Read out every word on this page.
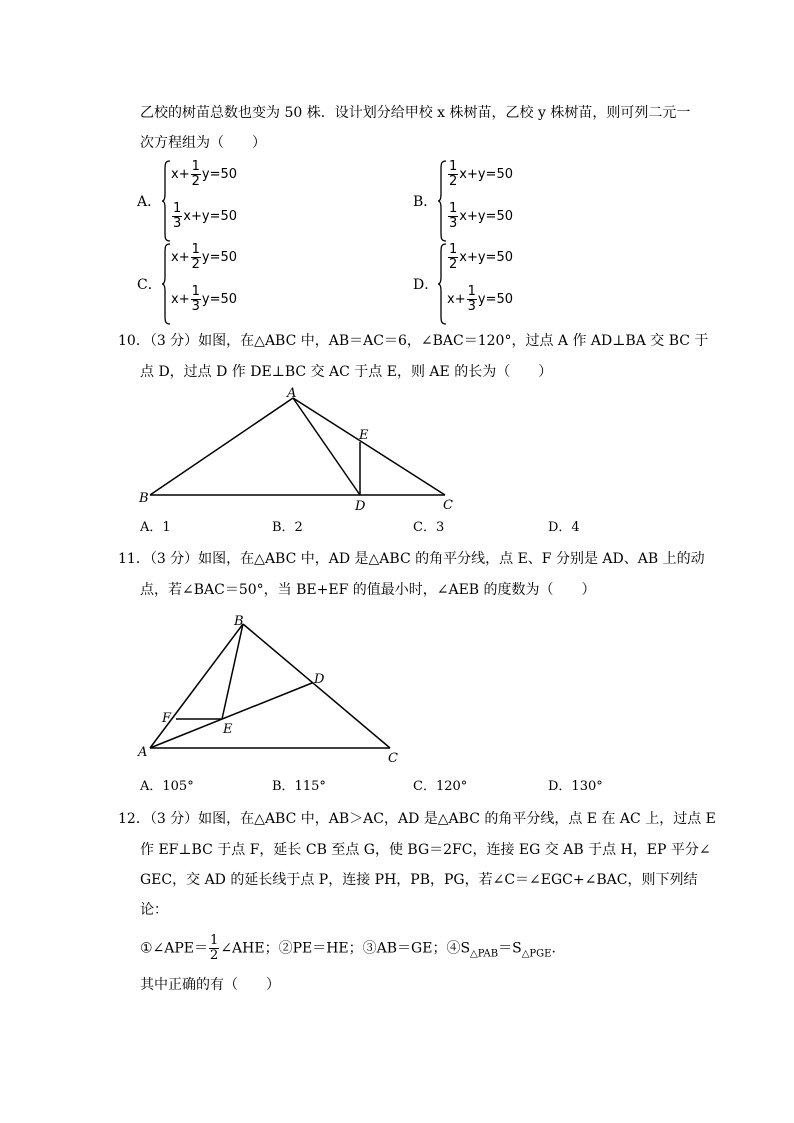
乙校的树苗总数也变为 50 株．设计划分给甲校 x 株树苗，乙校 y 株树苗，则可列二元一
次方程组为（　　）
A．
$x+ \frac{1}{2} y=50$
$\frac{1}{3} x+y=50$
B．
$\frac{1}{2} x+y=50$
$\frac{1}{3} x+y=50$
C．
$x+ \frac{1}{2} y=50$
$x+ \frac{1}{3} y=50$
D．
$\frac{1}{2} x+y=50$
$x+ \frac{1}{3} y=50$
10．（3 分）如图，在△ABC 中，AB＝AC＝6，∠BAC＝120°，过点 A 作 AD⊥BA 交 BC 于
点 D，过点 D 作 DE⊥BC 交 AC 于点 E，则 AE 的长为（　　）
A
B	C
D
E
A．1	B．2	C．3	D．4
11．（3 分）如图，在△ABC 中，AD 是△ABC 的角平分线，点 E、F 分别是 AD、AB 上的动
点，若∠BAC＝50°，当 BE+EF 的值最小时，∠AEB 的度数为（　　）
B
D
F
E
A	C
A．105°	B．115°	C．120°	D．130°
12．（3 分）如图，在△ABC 中，AB＞AC，AD 是△ABC 的角平分线，点 E 在 AC 上，过点 E
作 EF⊥BC 于点 F，延长 CB 至点 G，使 BG＝2FC，连接 EG 交 AB 于点 H，EP 平分∠
GEC，交 AD 的延长线于点 P，连接 PH，PB，PG，若∠C＝∠EGC+∠BAC，则下列结
论：
①∠APE＝ $\frac{1}{2}$ ∠AHE；②PE＝HE；③AB＝GE；$④S_{\triangle PAB}=S_{\triangle PGE}$.
其中正确的有（　　）
